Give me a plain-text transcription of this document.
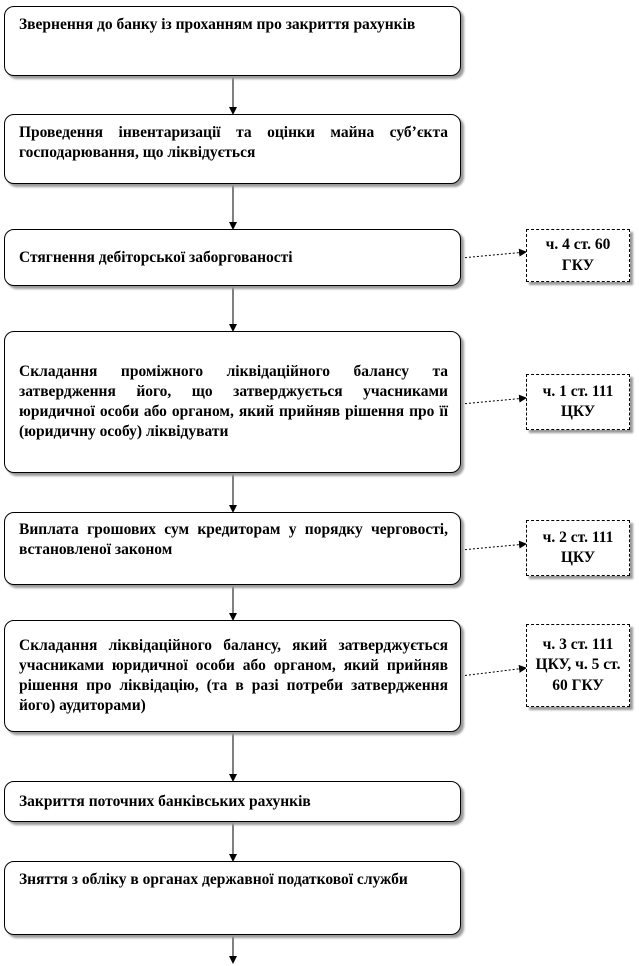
Звернення до банку із проханням про закриття рахунків
Проведення інвентаризації та оцінки майна суб’єкта господарювання, що ліквідується
Стягнення дебіторської заборгованості
Складання проміжного ліквідаційного балансу та затвердження його, що затверджується учасниками юридичної особи або органом, який прийняв рішення про її (юридичну особу) ліквідувати
Виплата грошових сум кредиторам у порядку черговості, встановленої законом
Складання ліквідаційного балансу, який затверджується учасниками юридичної особи або органом, який прийняв рішення про ліквідацію, (та в разі потреби затвердження його) аудиторами)
Закриття поточних банківських рахунків
Зняття з обліку в органах державної податкової служби
ч. 4 ст. 60 ГКУ
ч. 1 ст. 111 ЦКУ
ч. 2 ст. 111 ЦКУ
ч. 3 ст. 111 ЦКУ, ч. 5 ст. 60 ГКУ
